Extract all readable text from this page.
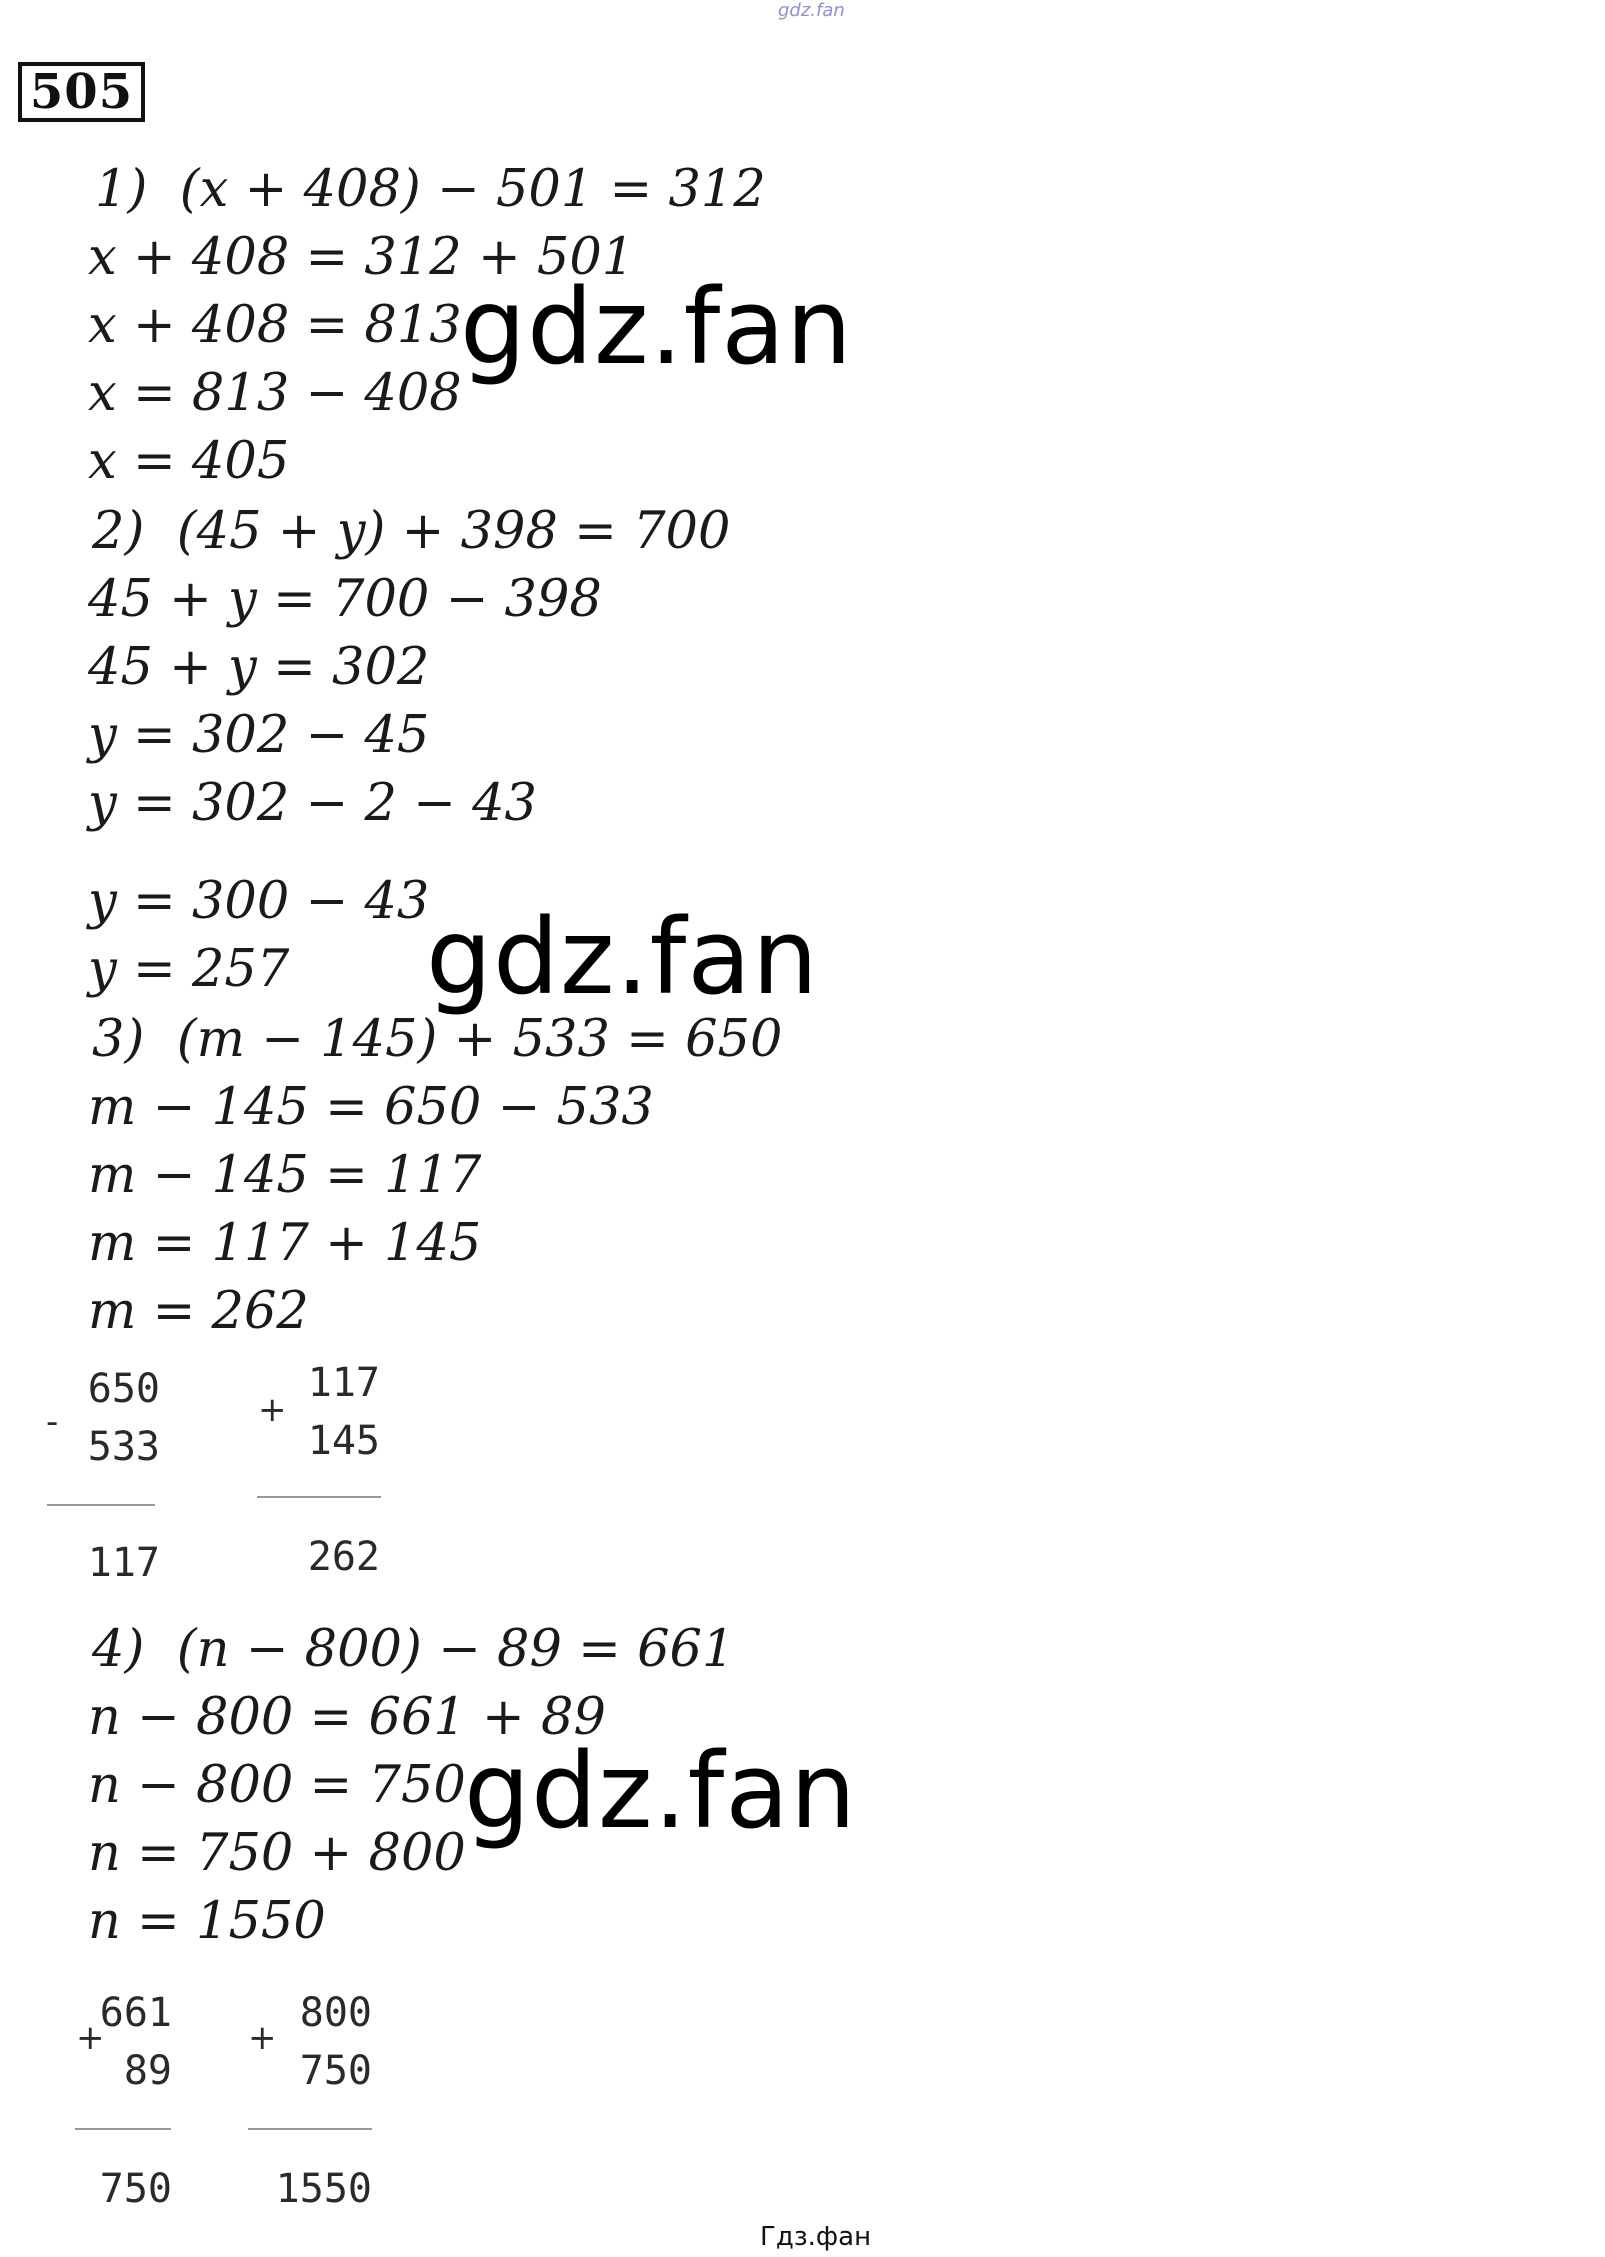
gdz.fan
505
1)  (x + 408) − 501 = 312
x + 408 = 312 + 501
x + 408 = 813
x = 813 − 408
x = 405
2)  (45 + y) + 398 = 700
45 + y = 700 − 398
45 + y = 302
y = 302 − 45
y = 302 − 2 − 43
y = 300 − 43
y = 257
3)  (m − 145) + 533 = 650
m − 145 = 650 − 533
m − 145 = 117
m = 117 + 145
m = 262
-
650
533
117
+
117
145
262
4)  (n − 800) − 89 = 661
n − 800 = 661 + 89
n − 800 = 750
n = 750 + 800
n = 1550
+
661
89
750
+
800
750
1550
gdz.fan
gdz.fan
gdz.fan
Гдз.фан
